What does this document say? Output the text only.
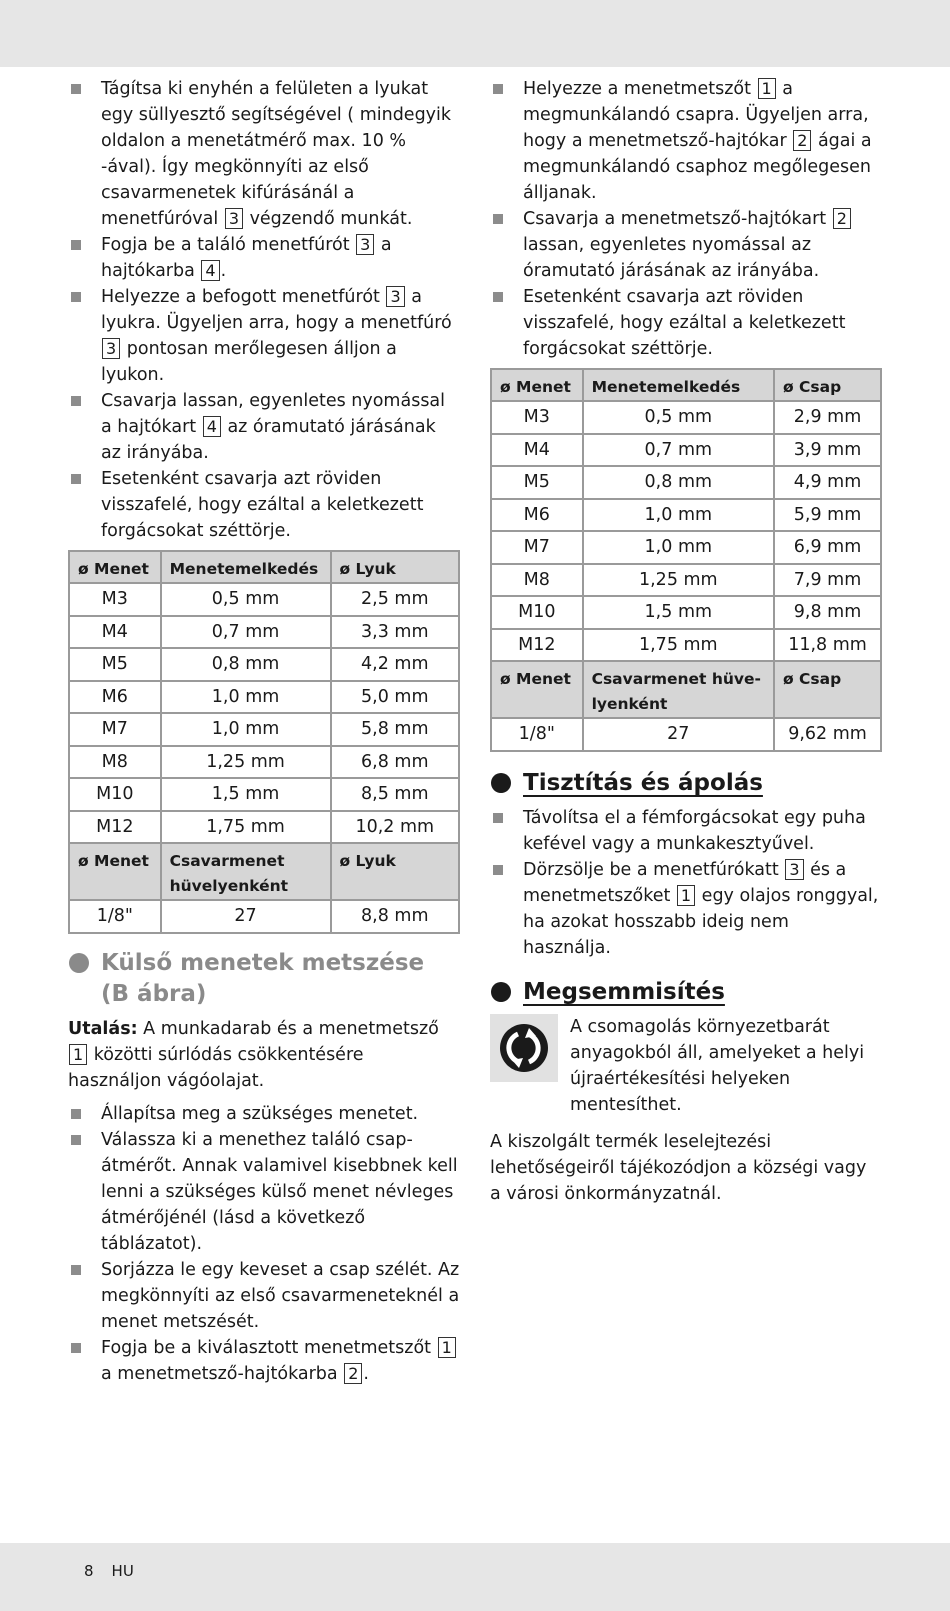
Tágítsa ki enyhén a felületen a lyukat egy süllyesztő segítségével ( mindegyik oldalon a menetátmérő max. 10 % -ával). Így megkönnyíti az első csavarmenetek kifúrásánál a menetfúróval 3 végzendő munkát.
Fogja be a találó menetfúrót 3 a hajtókarba 4 .
Helyezze a befogott menetfúrót 3 a lyukra. Ügyeljen arra, hogy a menetfúró 3 pontosan merőlegesen álljon a lyukon.
Csavarja lassan, egyenletes nyomással a hajtókart 4 az óramutató járásának az irányába.
Esetenként csavarja azt röviden visszafelé, hogy ezáltal a keletkezett forgácsokat széttörje.
ø Menet	Menetemelkedés	ø Lyuk
M3	0,5 mm	2,5 mm
M4	0,7 mm	3,3 mm
M5	0,8 mm	4,2 mm
M6	1,0 mm	5,0 mm
M7	1,0 mm	5,8 mm
M8	1,25 mm	6,8 mm
M10	1,5 mm	8,5 mm
M12	1,75 mm	10,2 mm
ø Menet	Csavarmenet hüvelyenként	ø Lyuk
1/8"	27	8,8 mm
Külső menetek metszése (B ábra)

Utalás: A munkadarab és a menetmetsző 1 közötti súrlódás csökkentésére használjon vágóolajat.

Állapítsa meg a szükséges menetet.
Válassza ki a menethez találó csap-átmérőt. Annak valamivel kisebbnek kell lenni a szükséges külső menet névleges átmérőjénél (lásd a következő táblázatot).
Sorjázza le egy keveset a csap szélét. Az megkönnyíti az első csavarmeneteknél a menet metszését.
Fogja be a kiválasztott menetmetszőt 1 a menetmetsző-hajtókarba 2 .
Helyezze a menetmetszőt 1 a megmunkálandó csapra. Ügyeljen arra, hogy a menetmetsző-hajtókar 2 ágai a megmunkálandó csaphoz megőlegesen álljanak.
Csavarja a menetmetsző-hajtókart 2 lassan, egyenletes nyomással az óramutató járásának az irányába.
Esetenként csavarja azt röviden visszafelé, hogy ezáltal a keletkezett forgácsokat széttörje.
ø Menet	Menetemelkedés	ø Csap
M3	0,5 mm	2,9 mm
M4	0,7 mm	3,9 mm
M5	0,8 mm	4,9 mm
M6	1,0 mm	5,9 mm
M7	1,0 mm	6,9 mm
M8	1,25 mm	7,9 mm
M10	1,5 mm	9,8 mm
M12	1,75 mm	11,8 mm
ø Menet	Csavarmenet hüve-lyenként	ø Csap
1/8"	27	9,62 mm
Tisztítás és ápolás
Távolítsa el a fémforgácsokat egy puha kefével vagy a munkakesztyűvel.
Dörzsölje be a menetfúrókatt 3 és a menetmetszőket 1 egy olajos ronggyal, ha azokat hosszabb ideig nem használja.
Megsemmisítés

A csomagolás környezetbarát anyagokból áll, amelyeket a helyi újraértékesítési helyeken mentesíthet.

A kiszolgált termék leselejtezési lehetőségeiről tájékozódjon a községi vagy a városi önkormányzatnál.

8 HU
